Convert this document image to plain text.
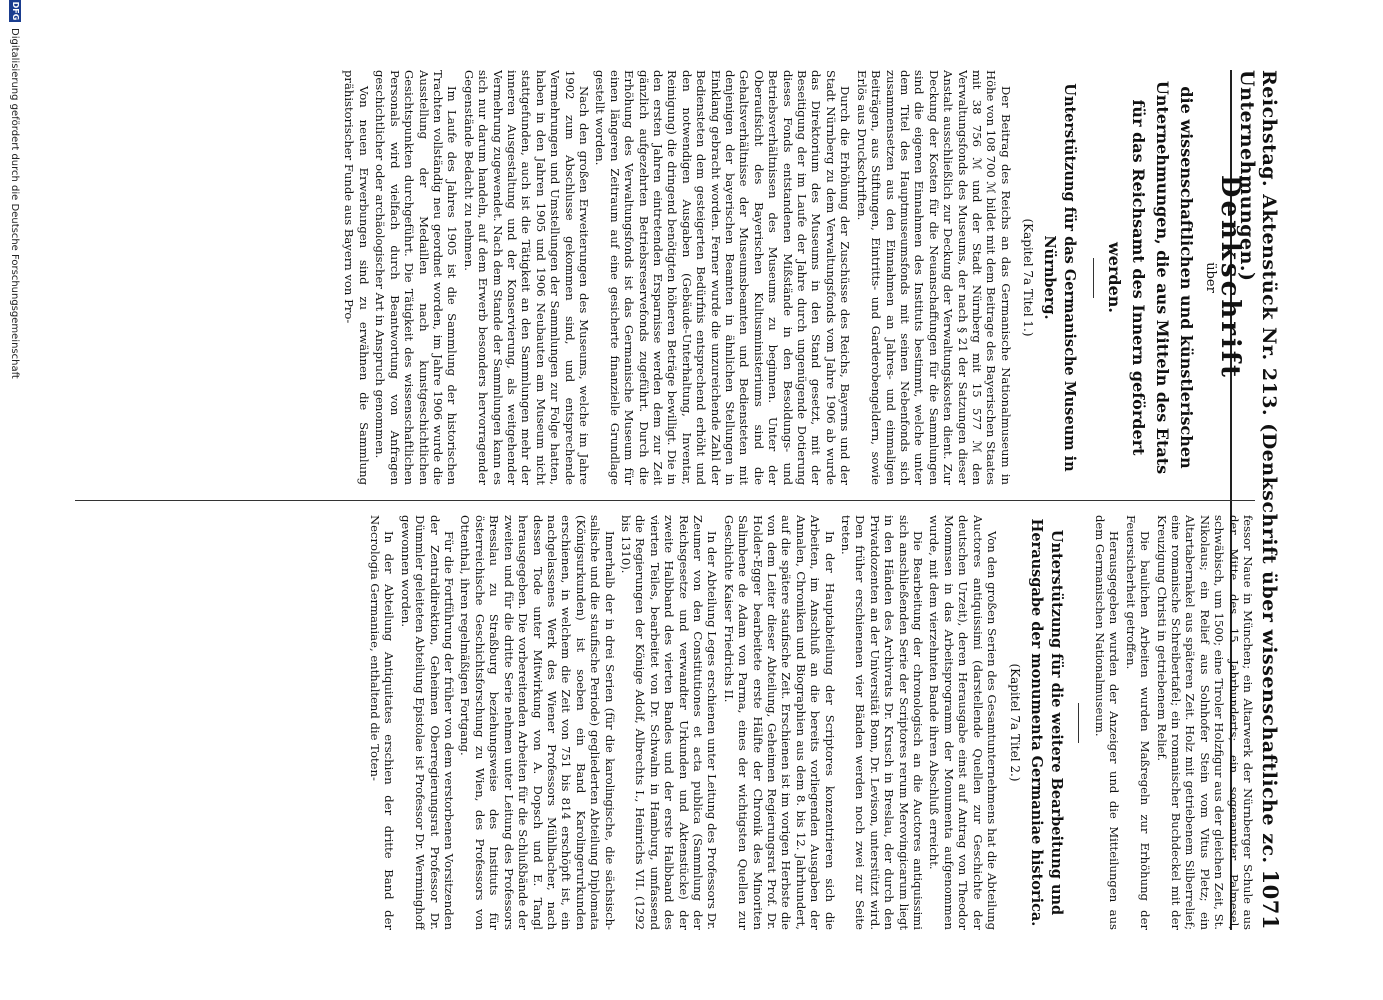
Reichstag. Aktenstück Nr. 213. (Denkschrift über wissenschaftliche zc. Unternehmungen.)
1071
Denkschrift
über
die wissenschaftlichen und künstlerischen Unternehmungen, die aus Mitteln des Etats für das Reichsamt des Innern gefördert werden.
Unterstützung für das Germanische Museum in Nürnberg.
(Kapitel 7a Titel 1.)

Der Beitrag des Reichs an das Germanische Nationalmuseum in Höhe von 108 700 ℳ bildet mit dem Beitrage des Bayerischen Staates mit 38 756 ℳ und der Stadt Nürnberg mit 15 577 ℳ den Verwaltungsfonds des Museums, der nach § 21 der Satzungen dieser Anstalt ausschließlich zur Deckung der Verwaltungskosten dient. Zur Deckung der Kosten für die Neuanschaffungen für die Sammlungen sind die eigenen Einnahmen des Instituts bestimmt, welche unter dem Titel des Hauptmuseumsfonds mit seinen Nebenfonds sich zusammensetzen aus den Einnahmen an Jahres- und einmaligen Beiträgen, aus Stiftungen, Eintritts- und Garderobengeldern, sowie Erlös aus Druckschriften.

Durch die Erhöhung der Zuschüsse des Reichs, Bayerns und der Stadt Nürnberg zu dem Verwaltungsfonds vom Jahre 1906 ab wurde das Direktorium des Museums in den Stand gesetzt, mit der Beseitigung der im Laufe der Jahre durch ungenügende Dotierung dieses Fonds entstandenen Mißstände in den Besoldungs- und Betriebsverhältnissen des Museums zu beginnen. Unter der Oberaufsicht des Bayerischen Kultusministeriums sind die Gehaltsverhältnisse der Museumsbeamten und Bediensteten mit denjenigen der bayerischen Beamten in ähnlichen Stellungen in Einklang gebracht worden. Ferner wurde die unzureichende Zahl der Bediensteten dem gesteigerten Bedürfnis entsprechend erhöht und den notwendigen Ausgaben (Gebäude-Unterhaltung, Inventar, Reinigung) die dringend benötigten höheren Beträge bewilligt. Die in den ersten Jahren eintretenden Ersparnisse werden dem zur Zeit gänzlich aufgezehrten Betriebsreservefonds zugeführt. Durch die Erhöhung des Verwaltungsfonds ist das Germanische Museum für einen längeren Zeitraum auf eine gesicherte finanzielle Grundlage gestellt worden.

Nach den großen Erweiterungen des Museums, welche im Jahre 1902 zum Abschlusse gekommen sind, und entsprechende Vermehrungen und Umstellungen der Sammlungen zur Folge hatten, haben in den Jahren 1905 und 1906 Neubauten am Museum nicht stattgefunden, auch ist die Tätigkeit an den Sammlungen mehr der inneren Ausgestaltung und der Konservierung, als weitgehender Vermehrung zugewendet. Nach dem Stande der Sammlungen kann es sich nur darum handeln, auf dem Erwerb besonders hervorragender Gegenstände Bedacht zu nehmen.

Im Laufe des Jahres 1905 ist die Sammlung der historischen Trachten vollständig neu geordnet worden, im Jahre 1906 wurde die Ausstellung der Medaillen nach kunstgeschichtlichen Gesichtspunkten durchgeführt. Die Tätigkeit des wissenschaftlichen Personals wird vielfach durch Beantwortung von Anfragen geschichtlicher oder archäologischer Art in Anspruch genommen.

Von neuen Erwerbungen sind zu erwähnen die Sammlung prähistorischer Funde aus Bayern von Pro-

fessor Naue in München; ein Altarwerk der Nürnberger Schule aus der Mitte des 15. Jahrhunderts; ein sogenannter Palmesel, schwäbisch, um 1500; eine Tiroler Holzfigur aus der gleichen Zeit, St. Nikolaus; ein Relief aus Solnhofer Stein vom Vitus Pletz; ein Altartabernakel aus späteren Zeit. Holz mit getriebenem Silberrelief; eine romanische Schreibertafel; ein romanischer Buchdeckel mit der Kreuzigung Christi in getriebenem Relief.

Die baulichen Arbeiten wurden Maßregeln zur Erhöhung der Feuersicherheit getroffen.

Herausgegeben wurden der Anzeiger und die Mitteilungen aus dem Germanischen Nationalmuseum.

Unterstützung für die weitere Bearbeitung und Herausgabe der monumenta Germaniae historica.
(Kapitel 7a Titel 2.)

Von den großen Serien des Gesamtunternehmens hat die Abteilung Auctores antiquissimi (darstellende Quellen zur Geschichte der deutschen Urzeit), deren Herausgabe einst auf Antrag von Theodor Mommsen in das Arbeitsprogramm der Monumenta aufgenommen wurde, mit dem vierzehnten Bande ihren Abschluß erreicht.

Die Bearbeitung der chronologisch an die Auctores antiquissimi sich anschließenden Serie der Scriptores rerum Merovingicarum liegt in den Händen des Archivrats Dr. Krusch in Breslau, der durch den Privatdozenten an der Universität Bonn, Dr. Levison, unterstützt wird. Den früher erschienenen vier Bänden werden noch zwei zur Seite treten.

In der Hauptabteilung der Scriptores konzentrieren sich die Arbeiten, im Anschluß an die bereits vorliegenden Ausgaben der Annalen, Chroniken und Biographien aus dem 8. bis 12. Jahrhundert, auf die spätere staufische Zeit. Erschienen ist im vorigen Herbste die von dem Leiter dieser Abteilung, Geheimen Regierungsrat Prof. Dr. Holder-Egger bearbeitete erste Hälfte der Chronik des Minoriten Salimbene de Adam von Parma, eines der wichtigsten Quellen zur Geschichte Kaiser Friedrichs II.

In der Abteilung Leges erschienen unter Leitung des Professors Dr. Zeumer von den Constitutiones et acta publica (Sammlung der Reichsgesetze und verwandter Urkunden und Aktenstücke) der zweite Halbband des vierten Bandes und der erste Halbband des vierten Teiles, bearbeitet von Dr. Schwalm in Hamburg, umfassend die Regierungen der Könige Adolf, Albrechts I., Heinrichs VII. (1292 bis 1310).

Innerhalb der in drei Serien (für die karolingische, die sächsisch-salische und die staufische Periode) gegliederten Abteilung Diplomata (Königsurkunden) ist soeben ein Band Karolingerurkunden erschienen, in welchem die Zeit von 751 bis 814 erschöpft ist, ein nachgelassenes Werk des Wiener Professors Mühlbacher, nach dessen Tode unter Mitwirkung von A. Dopsch und E. Tangl herausgegeben. Die vorbereitenden Arbeiten für die Schlußbände der zweiten und für die dritte Serie nehmen unter Leitung des Professors Bresslau zu Straßburg beziehungsweise des Instituts für österreichische Geschichtsforschung zu Wien, des Professors von Ottenthal, ihren regelmäßigen Fortgang.

Für die Fortführung der früher von dem verstorbenen Vorsitzenden der Zentraldirektion, Geheimen Oberregierungsrat Professor Dr. Dümmler geleiteten Abteilung Epistolae ist Professor Dr. Werminghoff gewonnen worden.

In der Abteilung Antiquitates erschien der dritte Band der Necrologia Germaniae, enthaltend die Toten-

DFG
Digitalisierung gefördert durch die Deutsche Forschungsgemeinschaft
